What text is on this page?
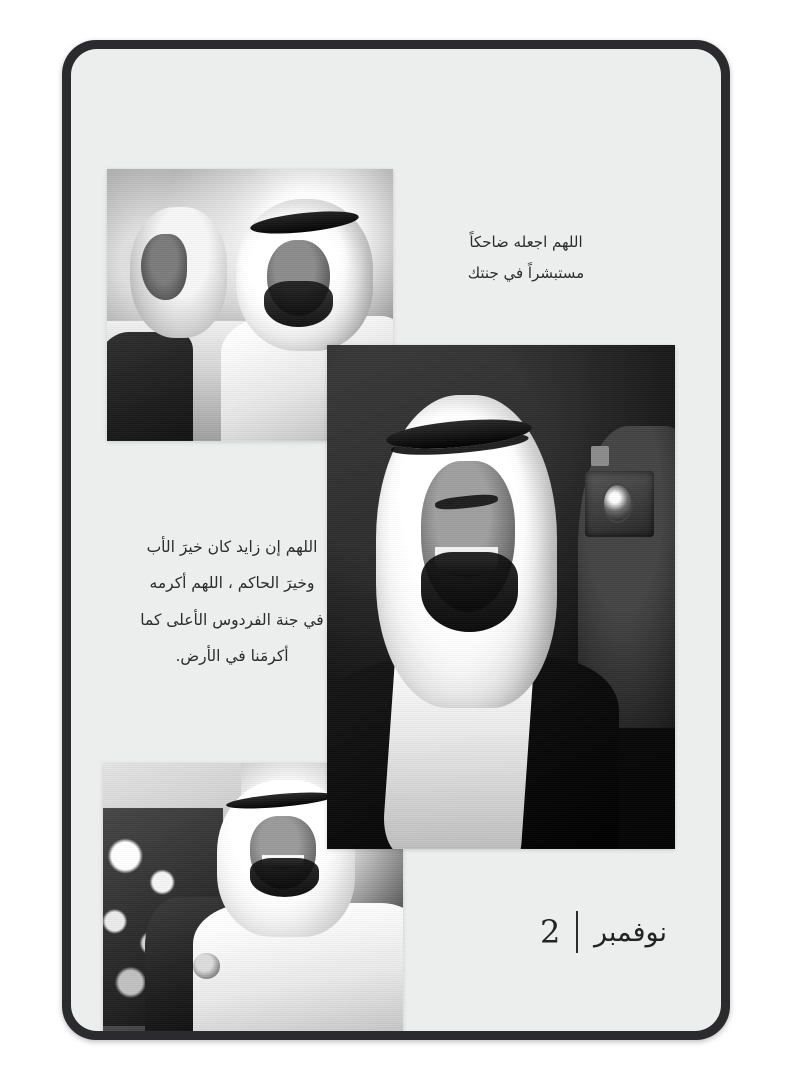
اللهم اجعله ضاحكاً
مستبشراً في جنتك
اللهم إن زايد كان خيرَ الأب
وخيرَ الحاكم ، اللهم أكرمه
في جنة الفردوس الأعلى كما
أكرمَنا في الأرض.
نوفمبر
2
